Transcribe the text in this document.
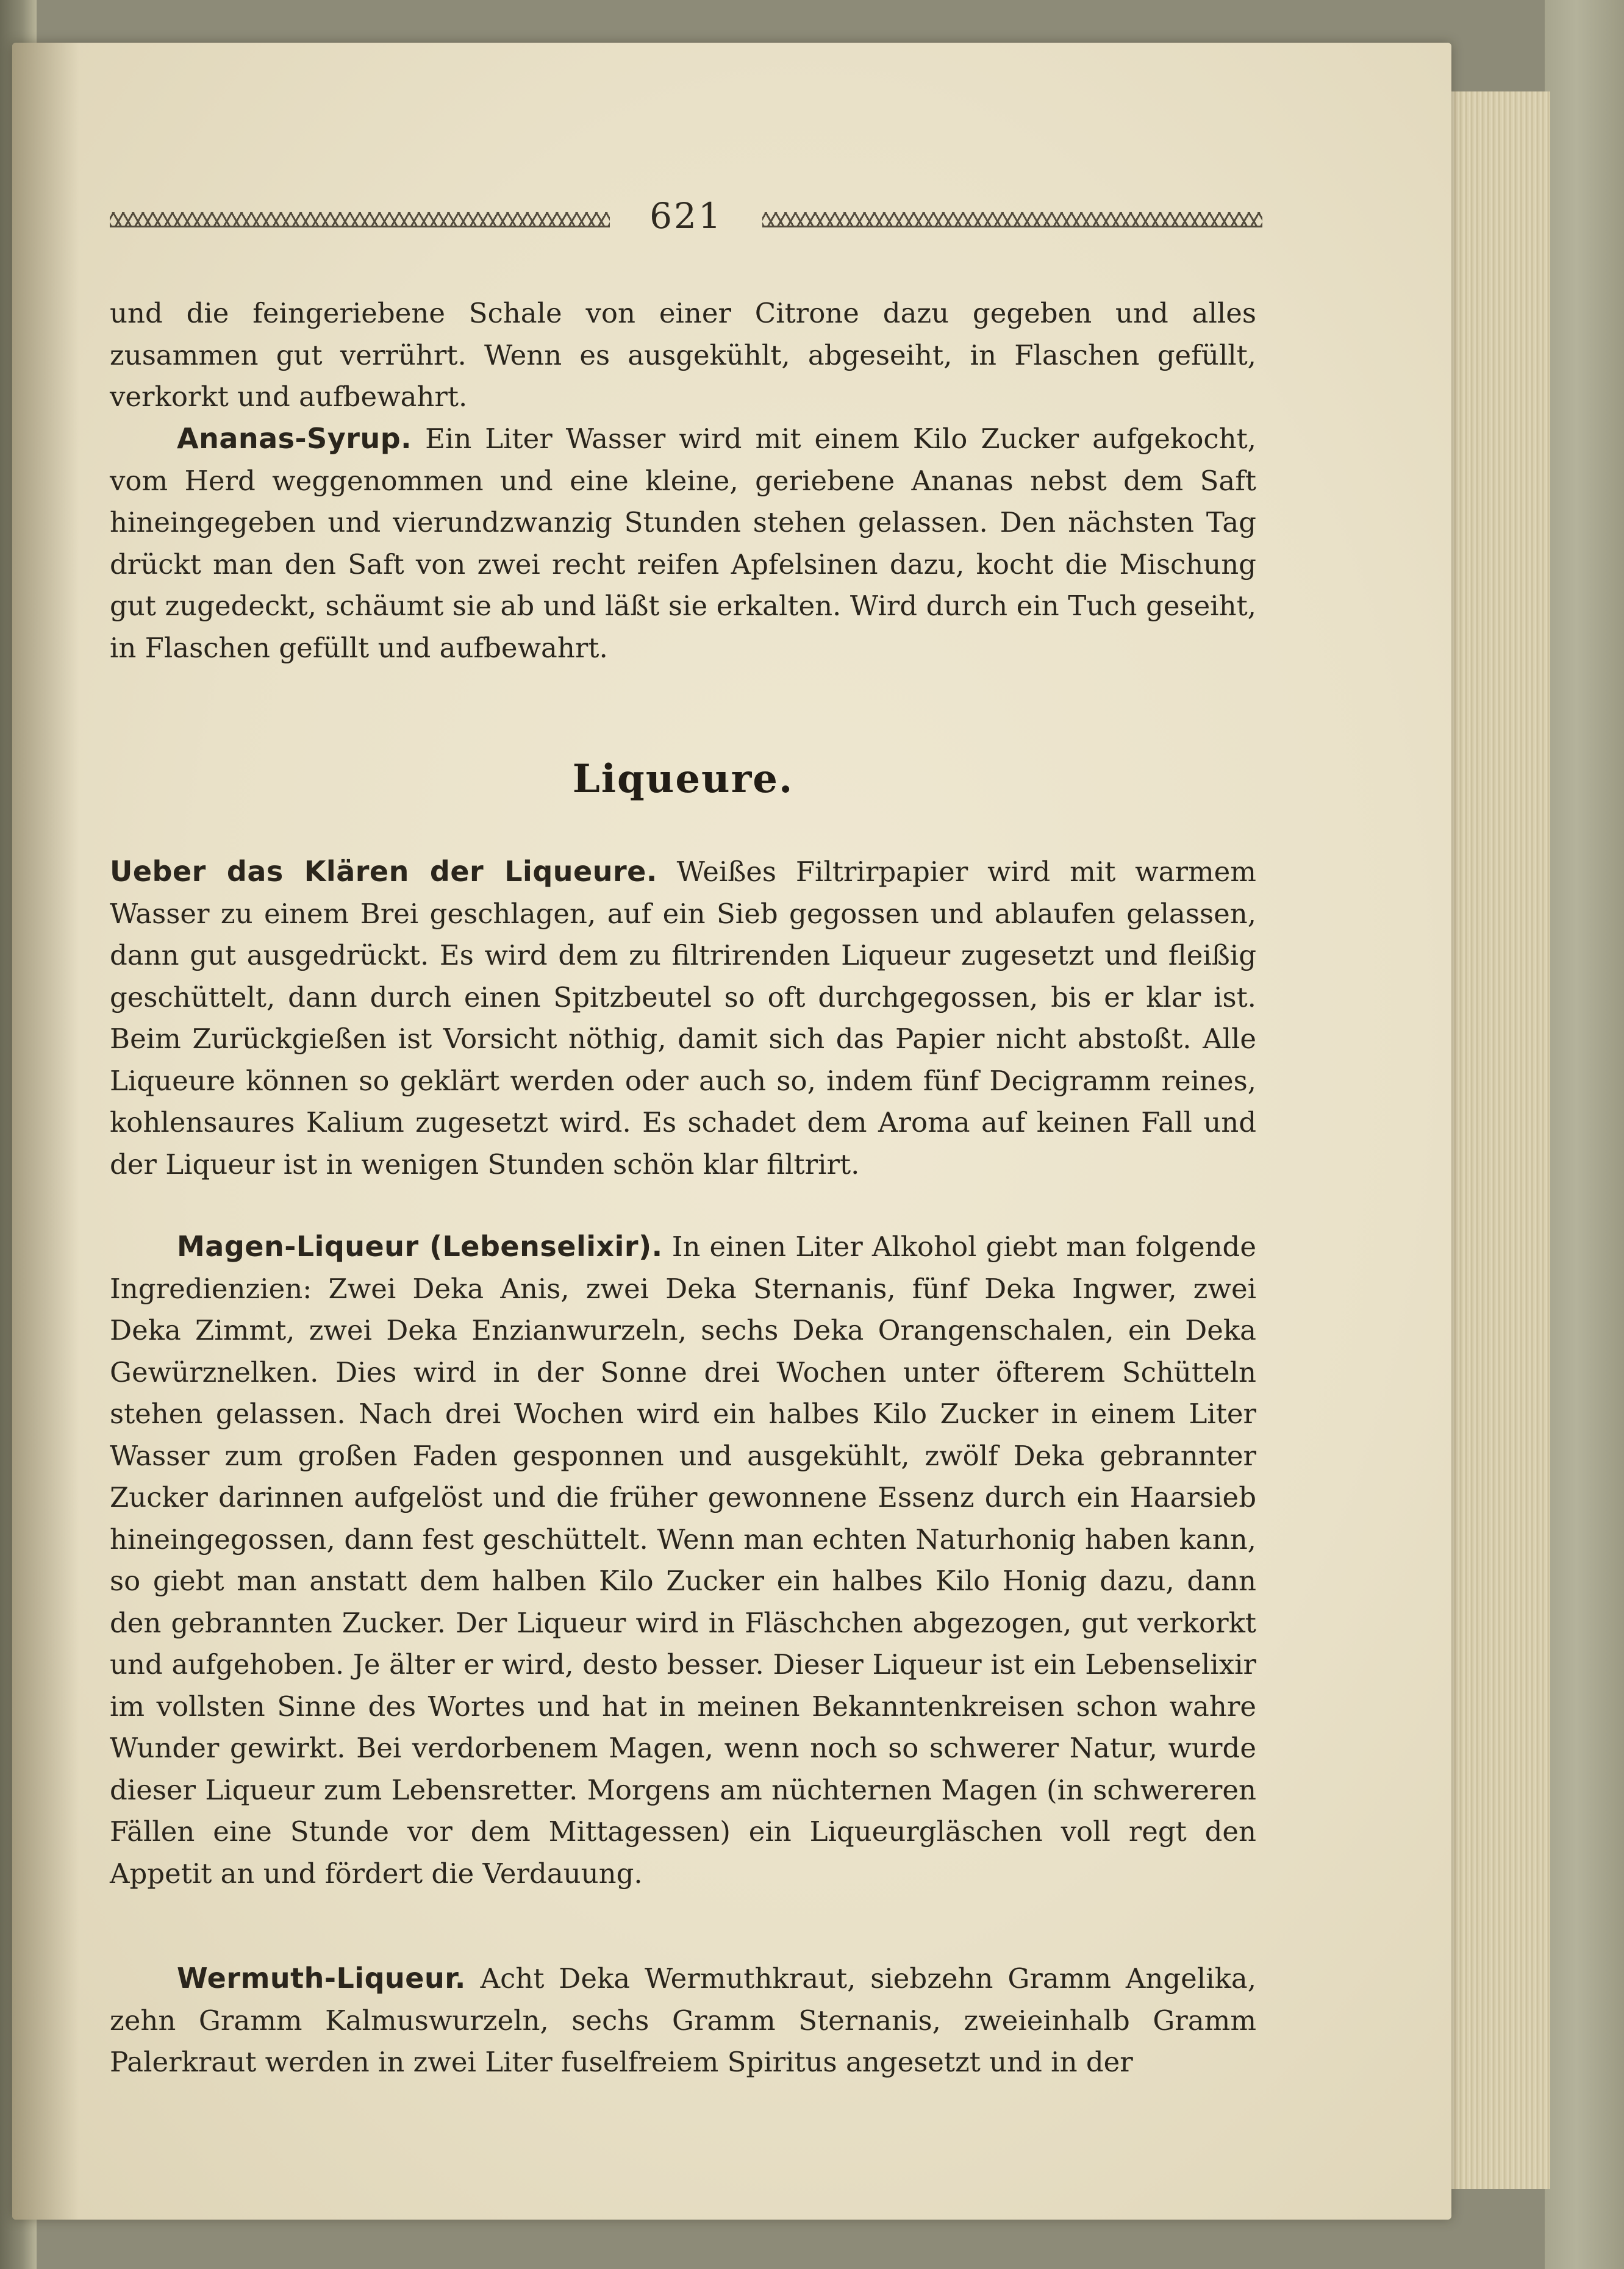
621

und die feingeriebene Schale von einer Citrone dazu gegeben und alles zusammen gut verrührt. Wenn es ausgekühlt, abgeseiht, in Flaschen gefüllt, verkorkt und aufbewahrt.

Ananas-Syrup. Ein Liter Wasser wird mit einem Kilo Zucker aufgekocht, vom Herd weggenommen und eine kleine, geriebene Ananas nebst dem Saft hineingegeben und vierundzwanzig Stunden stehen gelassen. Den nächsten Tag drückt man den Saft von zwei recht reifen Apfelsinen dazu, kocht die Mischung gut zugedeckt, schäumt sie ab und läßt sie erkalten. Wird durch ein Tuch geseiht, in Flaschen gefüllt und aufbewahrt.

Liqueure.

Ueber das Klären der Liqueure. Weißes Filtrirpapier wird mit warmem Wasser zu einem Brei geschlagen, auf ein Sieb gegossen und ablaufen gelassen, dann gut ausgedrückt. Es wird dem zu filtrirenden Liqueur zugesetzt und fleißig geschüttelt, dann durch einen Spitzbeutel so oft durchgegossen, bis er klar ist. Beim Zurückgießen ist Vorsicht nöthig, damit sich das Papier nicht abstoßt. Alle Liqueure können so geklärt werden oder auch so, indem fünf Decigramm reines, kohlensaures Kalium zugesetzt wird. Es schadet dem Aroma auf keinen Fall und der Liqueur ist in wenigen Stunden schön klar filtrirt.

Magen-Liqueur (Lebenselixir). In einen Liter Alkohol giebt man folgende Ingredienzien: Zwei Deka Anis, zwei Deka Sternanis, fünf Deka Ingwer, zwei Deka Zimmt, zwei Deka Enzianwurzeln, sechs Deka Orangenschalen, ein Deka Gewürznelken. Dies wird in der Sonne drei Wochen unter öfterem Schütteln stehen gelassen. Nach drei Wochen wird ein halbes Kilo Zucker in einem Liter Wasser zum großen Faden gesponnen und ausgekühlt, zwölf Deka gebrannter Zucker darinnen aufgelöst und die früher gewonnene Essenz durch ein Haarsieb hineingegossen, dann fest geschüttelt. Wenn man echten Naturhonig haben kann, so giebt man anstatt dem halben Kilo Zucker ein halbes Kilo Honig dazu, dann den gebrannten Zucker. Der Liqueur wird in Fläschchen abgezogen, gut verkorkt und aufgehoben. Je älter er wird, desto besser. Dieser Liqueur ist ein Lebenselixir im vollsten Sinne des Wortes und hat in meinen Bekanntenkreisen schon wahre Wunder gewirkt. Bei verdorbenem Magen, wenn noch so schwerer Natur, wurde dieser Liqueur zum Lebensretter. Morgens am nüchternen Magen (in schwereren Fällen eine Stunde vor dem Mittagessen) ein Liqueurgläschen voll regt den Appetit an und fördert die Verdauung.

Wermuth-Liqueur. Acht Deka Wermuthkraut, siebzehn Gramm Angelika, zehn Gramm Kalmuswurzeln, sechs Gramm Sternanis, zweieinhalb Gramm Palerkraut werden in zwei Liter fuselfreiem Spiritus angesetzt und in der
